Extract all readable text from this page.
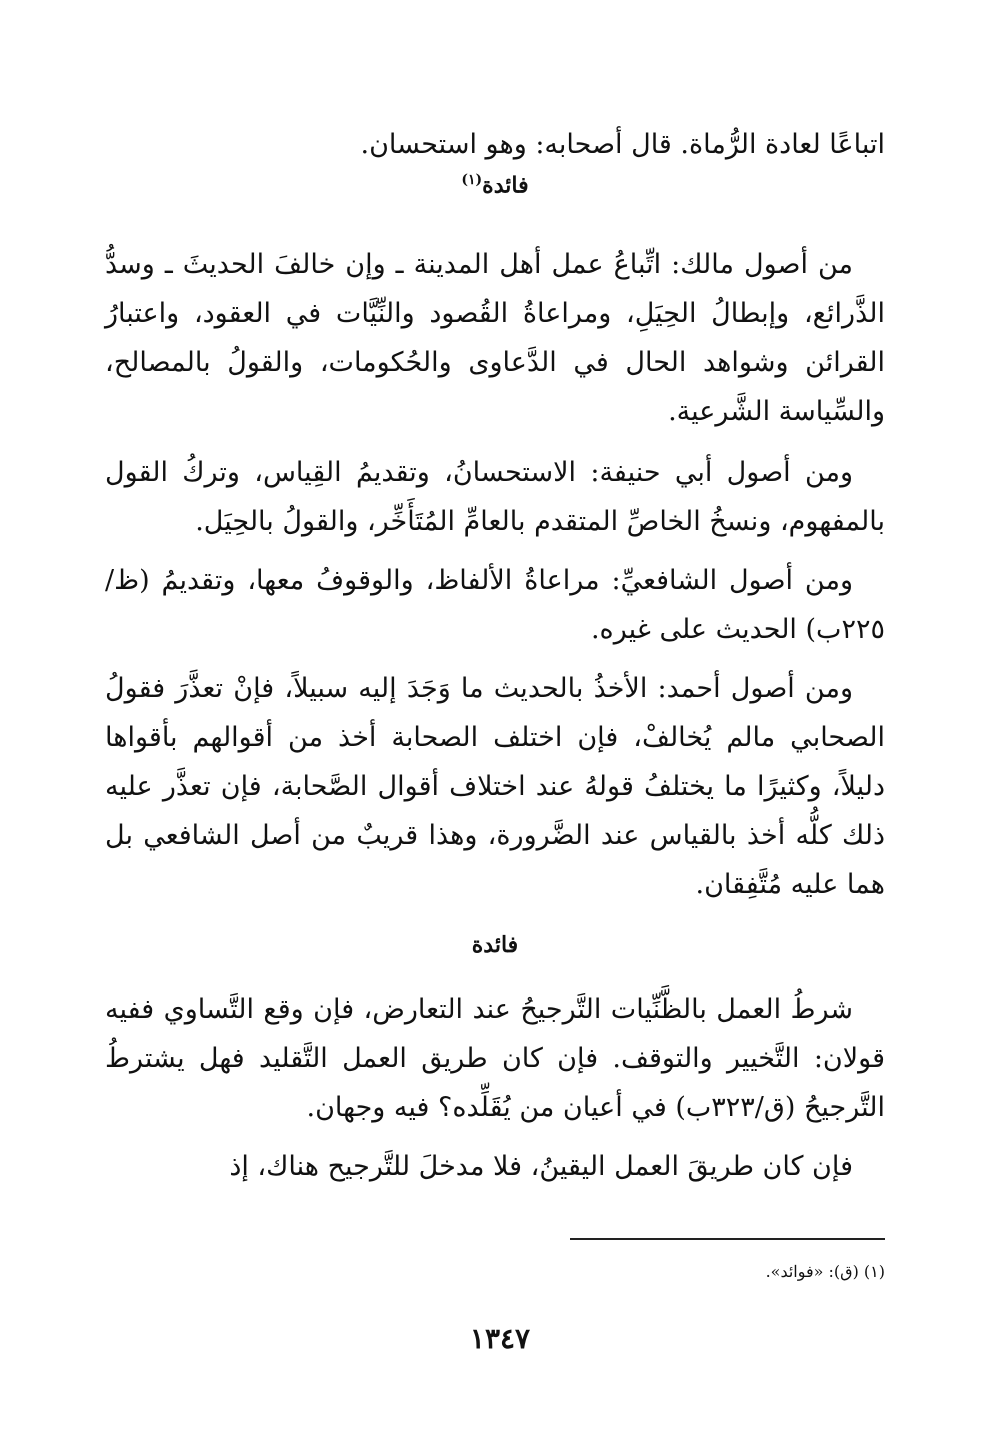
اتباعًا لعادة الرُّماة. قال أصحابه: وهو استحسان.
فائدة$^{(١)}$
من أصول مالك: اتِّباعُ عمل أهل المدينة ـ وإن خالفَ الحديثَ ـ وسدُّ الذَّرائع، وإبطالُ الحِيَلِ، ومراعاةُ القُصود والنِّيَّات في العقود، واعتبارُ القرائن وشواهد الحال في الدَّعاوى والحُكومات، والقولُ بالمصالح، والسِّياسة الشَّرعية.
ومن أصول أبي حنيفة: الاستحسانُ، وتقديمُ القِياس، وتركُ القول بالمفهوم، ونسخُ الخاصِّ المتقدم بالعامِّ المُتَأَخِّر، والقولُ بالحِيَل.
ومن أصول الشافعيِّ: مراعاةُ الألفاظ، والوقوفُ معها، وتقديمُ (ظ/٢٢٥ب) الحديث على غيره.
ومن أصول أحمد: الأخذُ بالحديث ما وَجَدَ إليه سبيلاً، فإنْ تعذَّرَ فقولُ الصحابي مالم يُخالفْ، فإن اختلف الصحابة أخذ من أقوالهم بأقواها دليلاً، وكثيرًا ما يختلفُ قولهُ عند اختلاف أقوال الصَّحابة، فإن تعذَّر عليه ذلك كلُّه أخذ بالقياس عند الضَّرورة، وهذا قريبٌ من أصل الشافعي بل هما عليه مُتَّفِقان.
فائدة
شرطُ العمل بالظَّنِّيات التَّرجيحُ عند التعارض، فإن وقع التَّساوي ففيه قولان: التَّخيير والتوقف. فإن كان طريق العمل التَّقليد فهل يشترطُ التَّرجيحُ (ق/٣٢٣ب) في أعيان من يُقَلِّده؟ فيه وجهان.
فإن كان طريقَ العمل اليقينُ، فلا مدخلَ للتَّرجيح هناك، إذ
(١) (ق): «فوائد».
١٣٤٧
